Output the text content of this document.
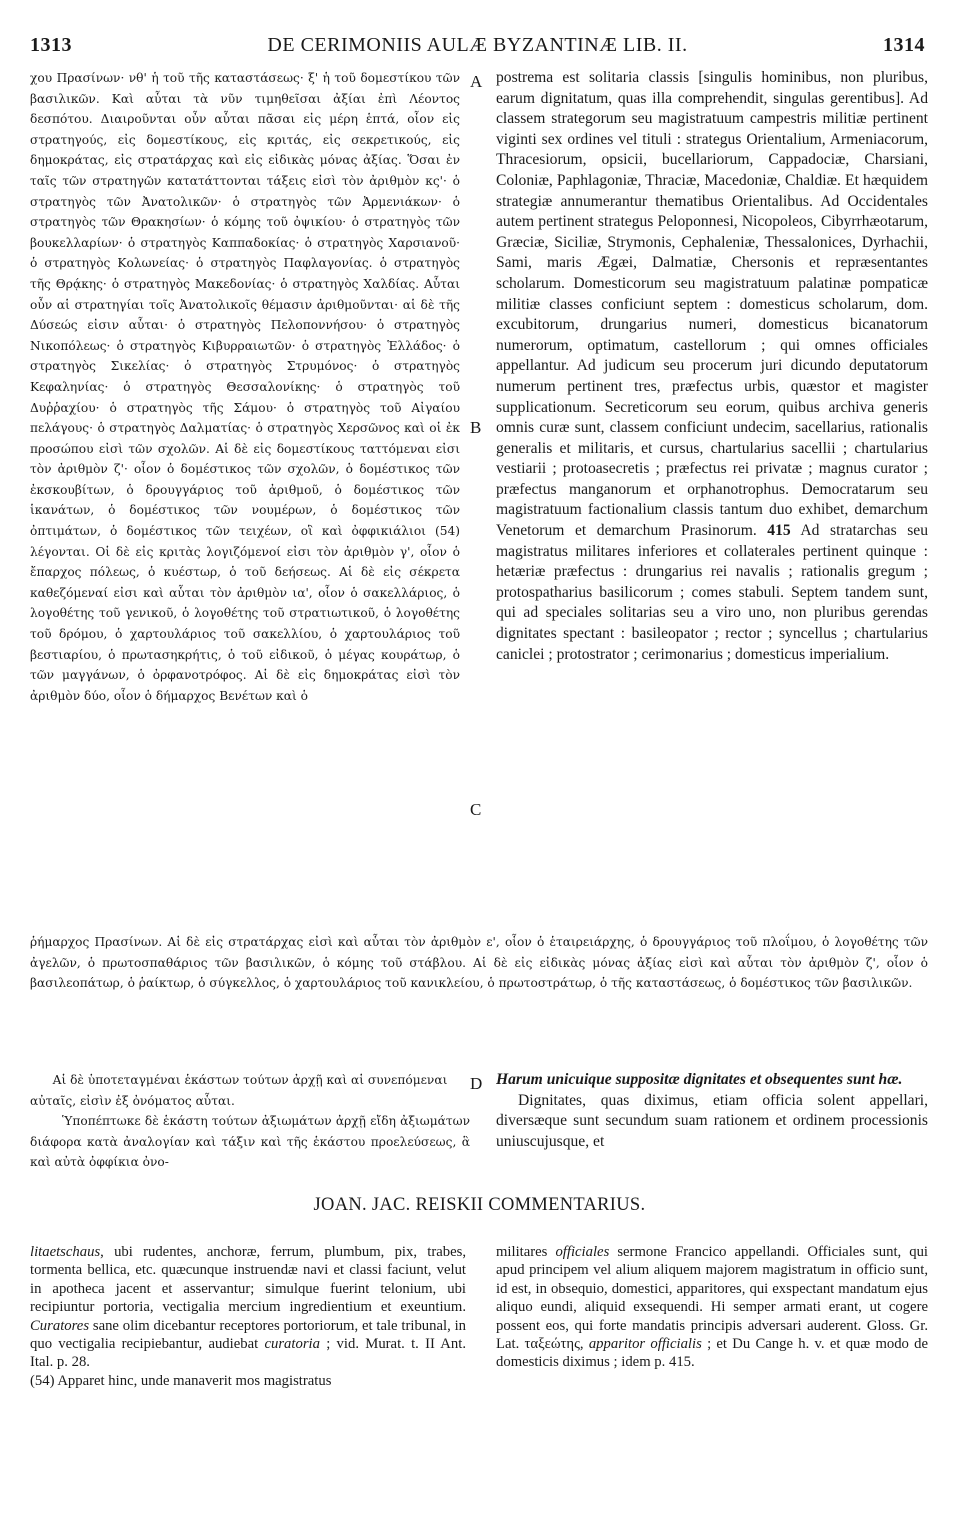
1313	DE CERIMONIIS AULÆ BYZANTINÆ LIB. II.	1314

χου Πρασίνων· νθ' ἡ τοῦ τῆς καταστάσεως· ξ' ἡ τοῦ δομεστίκου τῶν βασιλικῶν. Καὶ αὗται τὰ νῦν τιμηθεῖσαι ἀξίαι ἐπὶ Λέοντος δεσπότου. Διαιροῦνται οὖν αὗται πᾶσαι εἰς μέρη ἑπτά, οἷον εἰς στρατηγούς, εἰς δομεστίκους, εἰς κριτάς, εἰς σεκρετικούς, εἰς δημοκράτας, εἰς στρατάρχας καὶ εἰς εἰδικὰς μόνας ἀξίας. Ὅσαι ἐν ταῖς τῶν στρατηγῶν κατατάττονται τάξεις εἰσὶ τὸν ἀριθμὸν κς'· ὁ στρατηγὸς τῶν Ἀνατολικῶν· ὁ στρατηγὸς τῶν Ἀρμενιάκων· ὁ στρατηγὸς τῶν Θρακησίων· ὁ κόμης τοῦ ὀψικίου· ὁ στρατηγὸς τῶν βουκελλαρίων· ὁ στρατηγὸς Καππαδοκίας· ὁ στρατηγὸς Χαρσιανοῦ· ὁ στρατηγὸς Κολωνείας· ὁ στρατηγὸς Παφλαγονίας. ὁ στρατηγὸς τῆς Θρᾴκης· ὁ στρατηγὸς Μακεδονίας· ὁ στρατηγὸς Χαλδίας. Αὗται οὖν αἱ στρατηγίαι τοῖς Ἀνατολικοῖς θέμασιν ἀριθμοῦνται· αἱ δὲ τῆς Δύσεώς εἰσιν αὗται· ὁ στρατηγὸς Πελοποννήσου· ὁ στρατηγὸς Νικοπόλεως· ὁ στρατηγὸς Κιβυρραιωτῶν· ὁ στρατηγὸς Ἑλλάδος· ὁ στρατηγὸς Σικελίας· ὁ στρατηγὸς Στρυμόνος· ὁ στρατηγὸς Κεφαληνίας· ὁ στρατηγὸς Θεσσαλονίκης· ὁ στρατηγὸς τοῦ Δυῤῥαχίου· ὁ στρατηγὸς τῆς Σάμου· ὁ στρατηγὸς τοῦ Αἰγαίου πελάγους· ὁ στρατηγὸς Δαλματίας· ὁ στρατηγὸς Χερσῶνος καὶ οἱ ἐκ προσώπου εἰσὶ τῶν σχολῶν. Αἱ δὲ εἰς δομεστίκους ταττόμεναι εἰσι τὸν ἀριθμὸν ζ'· οἷον ὁ δομέστικος τῶν σχολῶν, ὁ δομέστικος τῶν ἐκσκουβίτων, ὁ δρουγγάριος τοῦ ἀριθμοῦ, ὁ δομέστικος τῶν ἱκανάτων, ὁ δομέστικος τῶν νουμέρων, ὁ δομέστικος τῶν ὀπτιμάτων, ὁ δομέστικος τῶν τειχέων, οἳ καὶ ὀφφικιάλιοι (54) λέγονται. Οἱ δὲ εἰς κριτὰς λογιζόμενοί εἰσι τὸν ἀριθμὸν γ', οἷον ὁ ἔπαρχος πόλεως, ὁ κυέστωρ, ὁ τοῦ δεήσεως. Αἱ δὲ εἰς σέκρετα καθεζόμεναί εἰσι καὶ αὗται τὸν ἀριθμὸν ια', οἷον ὁ σακελλάριος, ὁ λογοθέτης τοῦ γενικοῦ, ὁ λογοθέτης τοῦ στρατιωτικοῦ, ὁ λογοθέτης τοῦ δρόμου, ὁ χαρτουλάριος τοῦ σακελλίου, ὁ χαρτουλάριος τοῦ βεστιαρίου, ὁ πρωτασηκρήτις, ὁ τοῦ εἰδικοῦ, ὁ μέγας κουράτωρ, ὁ τῶν μαγγάνων, ὁ ὀρφανοτρόφος. Αἱ δὲ εἰς δημοκράτας εἰσὶ τὸν ἀριθμὸν δύο, οἷον ὁ δήμαρχος Βενέτων καὶ ὁ

A
B
C
D

postrema est solitaria classis [singulis hominibus, non pluribus, earum dignitatum, quas illa comprehendit, singulas gerentibus]. Ad classem strategorum seu magistratuum campestris militiæ pertinent viginti sex ordines vel tituli : strategus Orientalium, Armeniacorum, Thracesiorum, opsicii, bucellariorum, Cappadociæ, Charsiani, Coloniæ, Paphlagoniæ, Thraciæ, Macedoniæ, Chaldiæ. Et hæquidem strategiæ annumerantur thematibus Orientalibus. Ad Occidentales autem pertinent strategus Peloponnesi, Nicopoleos, Cibyrrhæotarum, Græciæ, Siciliæ, Strymonis, Cephaleniæ, Thessalonices, Dyrhachii, Sami, maris Ægæi, Dalmatiæ, Chersonis et repræsentantes scholarum. Domesticorum seu magistratuum palatinæ pompaticæ militiæ classes conficiunt septem : domesticus scholarum, dom. excubitorum, drungarius numeri, domesticus bicanatorum numerorum, optimatum, castellorum ; qui omnes officiales appellantur. Ad judicum seu procerum juri dicundo deputatorum numerum pertinent tres, præfectus urbis, quæstor et magister supplicationum. Secreticorum seu eorum, quibus archiva generis omnis curæ sunt, classem conficiunt undecim, sacellarius, rationalis generalis et militaris, et cursus, chartularius sacellii ; chartularius vestiarii ; protoasecretis ; præfectus rei privatæ ; magnus curator ; præfectus manganorum et orphanotrophus. Democratarum seu magistratuum factionalium classis tantum duo exhibet, demarchum Venetorum et demarchum Prasinorum. 415 Ad stratarchas seu magistratus militares inferiores et collaterales pertinent quinque : hetæriæ præfectus : drungarius rei navalis ; rationalis gregum ; protospatharius basilicorum ; comes stabuli. Septem tandem sunt, qui ad speciales solitarias seu a viro uno, non pluribus gerendas dignitates spectant : basileopator ; rector ; syncellus ; chartularius caniclei ; protostrator ; cerimonarius ; domesticus imperialium.

ῥήμαρχος Πρασίνων. Αἱ δὲ εἰς στρατάρχας εἰσὶ καὶ αὗται τὸν ἀριθμὸν ε', οἷον ὁ ἑταιρειάρχης, ὁ δρουγγάριος τοῦ πλοΐμου, ὁ λογοθέτης τῶν ἀγελῶν, ὁ πρωτοσπαθάριος τῶν βασιλικῶν, ὁ κόμης τοῦ στάβλου. Αἱ δὲ εἰς εἰδικὰς μόνας ἀξίας εἰσὶ καὶ αὗται τὸν ἀριθμὸν ζ', οἷον ὁ βασιλεοπάτωρ, ὁ ῥαίκτωρ, ὁ σύγκελλος, ὁ χαρτουλάριος τοῦ κανικλείου, ὁ πρωτοστράτωρ, ὁ τῆς καταστάσεως, ὁ δομέστικος τῶν βασιλικῶν.

Αἱ δὲ ὑποτεταγμέναι ἑκάστων τούτων ἀρχῇ καὶ αἱ συνεπόμεναι αὐταῖς, εἰσὶν ἐξ ὀνόματος αὗται.

Ὑποπέπτωκε δὲ ἑκάστη τούτων ἀξιωμάτων ἀρχῇ εἴδη ἀξιωμάτων διάφορα κατὰ ἀναλογίαν καὶ τάξιν καὶ τῆς ἑκάστου προελεύσεως, ἃ καὶ αὐτὰ ὀφφίκια ὀνο-

Harum unicuique suppositæ dignitates et obsequentes sunt hæ.

Dignitates, quas diximus, etiam officia solent appellari, diversæque sunt secundum suam rationem et ordinem processionis uniuscujusque, et

JOAN. JAC. REISKII COMMENTARIUS.

litaetschaus, ubi rudentes, anchoræ, ferrum, plumbum, pix, trabes, tormenta bellica, etc. quæcunque instruendæ navi et classi faciunt, velut in apotheca jacent et asservantur; simulque fuerint telonium, ubi recipiuntur portoria, vectigalia mercium ingredientium et exeuntium. Curatores sane olim dicebantur receptores portoriorum, et tale tribunal, in quo vectigalia recipiebantur, audiebat curatoria ; vid. Murat. t. II Ant. Ital. p. 28.

(54) Apparet hinc, unde manaverit mos magistratus

militares officiales sermone Francico appellandi. Officiales sunt, qui apud principem vel alium aliquem majorem magistratum in officio sunt, id est, in obsequio, domestici, apparitores, qui exspectant mandatum ejus aliquo eundi, aliquid exsequendi. Hi semper armati erant, ut cogere possent eos, qui forte mandatis principis adversari auderent. Gloss. Gr. Lat. ταξεώτης, apparitor officialis ; et Du Cange h. v. et quæ modo de domesticis diximus ; idem p. 415.
